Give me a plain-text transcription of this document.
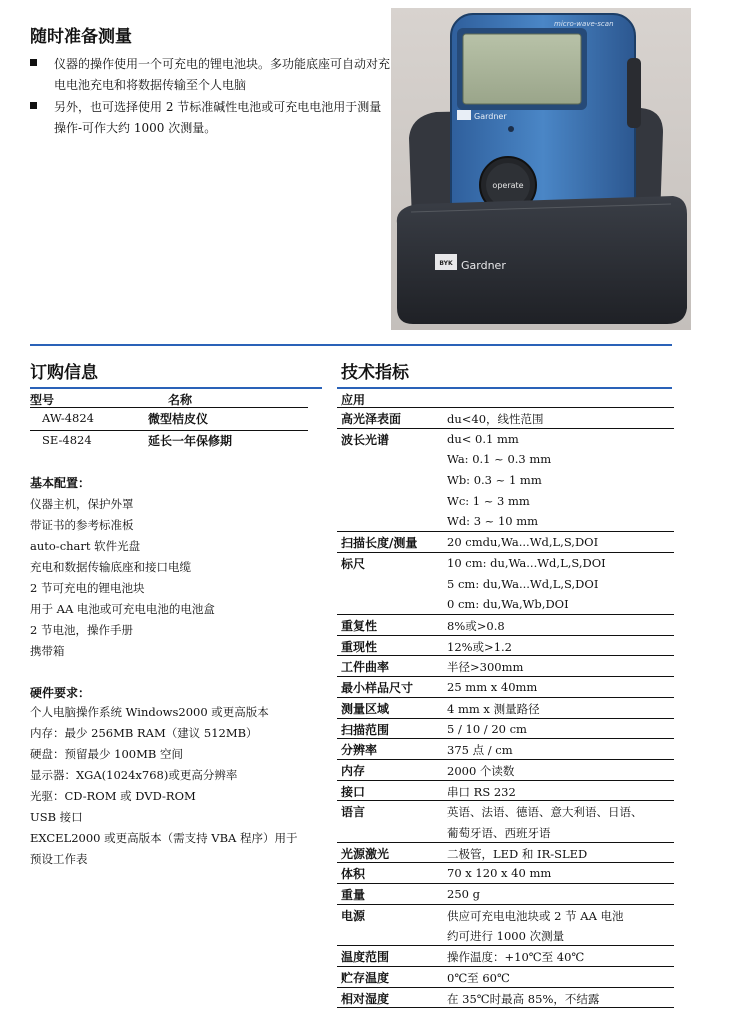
随时准备测量
仪器的操作使用一个可充电的锂电池块。多功能底座可自动对充电电池充电和将数据传输至个人电脑
另外，也可选择使用 2 节标准碱性电池或可充电电池用于测量操作-可作大约 1000 次测量。
micro-wave-scan
Gardner
operate
BYK Gardner
订购信息
型号	名称
AW-4824	微型桔皮仪
SE-4824	延长一年保修期
基本配置：
仪器主机，保护外罩
带证书的参考标准板
auto-chart 软件光盘
充电和数据传输底座和接口电缆
2 节可充电的锂电池块
用于 AA 电池或可充电电池的电池盒
2 节电池，操作手册
携带箱
硬件要求：
个人电脑操作系统 Windows2000 或更高版本
内存：最少 256MB RAM（建议 512MB）
硬盘：预留最少 100MB 空间
显示器：XGA(1024x768)或更高分辨率
光驱：CD-ROM 或 DVD-ROM
USB 接口
EXCEL2000 或更高版本（需支持 VBA 程序）用于
预设工作表
技术指标
应用
高光泽表面	du<40，线性范围
波长光谱	du< 0.1 mm
Wa: 0.1 ~ 0.3 mm
Wb: 0.3 ~ 1 mm
Wc: 1 ~ 3 mm
Wd: 3 ~ 10 mm
扫描长度/测量	20 cmdu,Wa...Wd,L,S,DOI
标尺	10 cm: du,Wa...Wd,L,S,DOI
5 cm: du,Wa...Wd,L,S,DOI
0 cm: du,Wa,Wb,DOI
重复性	8%或>0.8
重现性	12%或>1.2
工件曲率	半径>300mm
最小样品尺寸	25 mm x 40mm
测量区域	4 mm x 测量路径
扫描范围	5 / 10 / 20 cm
分辨率	375 点 / cm
内存	2000 个读数
接口	串口 RS 232
语言	英语、法语、德语、意大利语、日语、
葡萄牙语、西班牙语
光源激光	二极管，LED 和 IR-SLED
体积	70 x 120 x 40 mm
重量	250 g
电源	供应可充电电池块或 2 节 AA 电池
约可进行 1000 次测量
温度范围	操作温度：+10℃至 40℃
贮存温度	0℃至 60℃
相对湿度	在 35℃时最高 85%，不结露
